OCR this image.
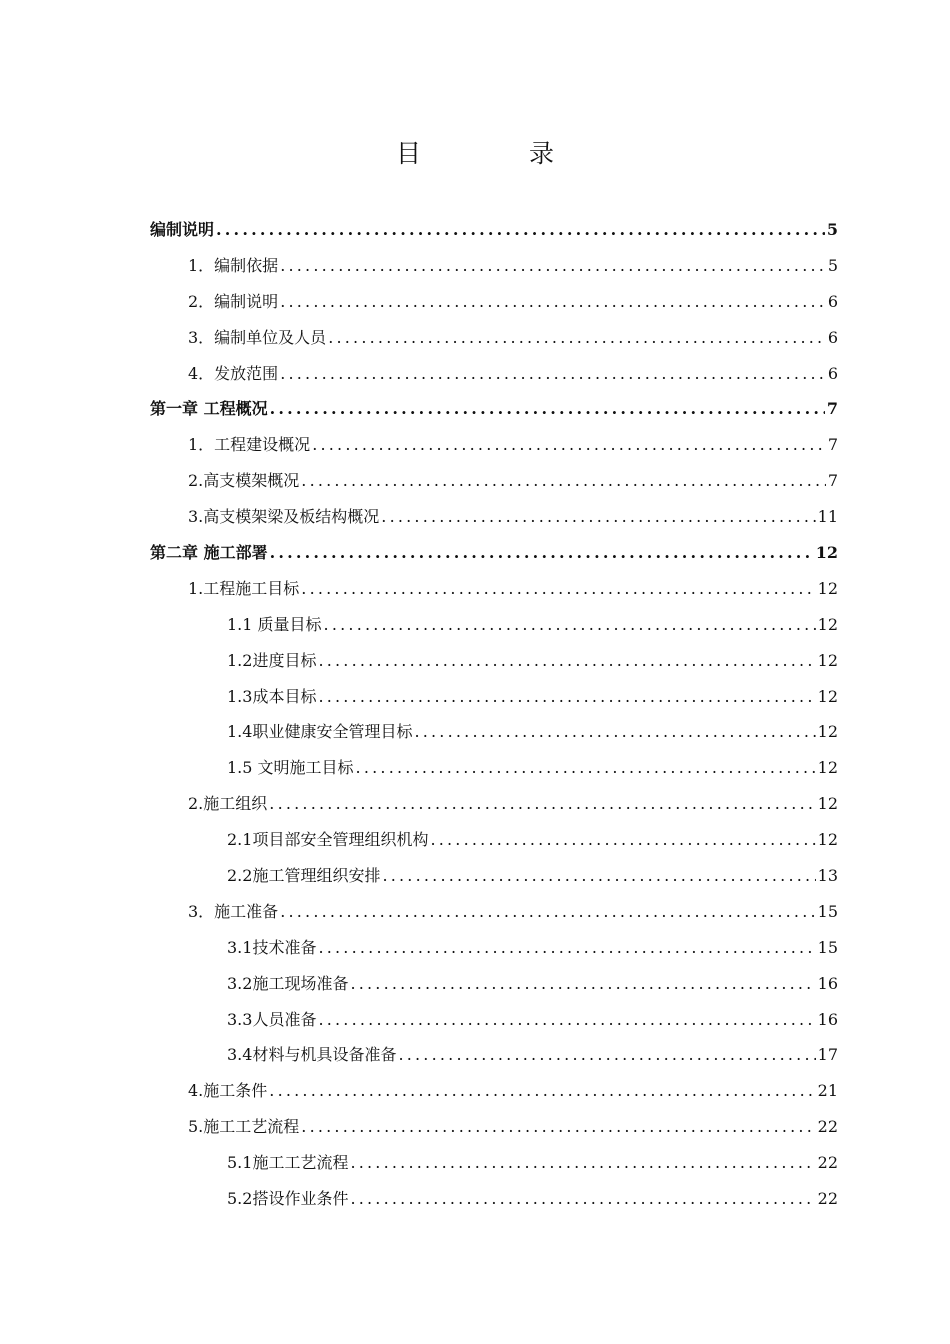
目 录
编制说明 .....	5
1．编制依据 .....	5
2．编制说明 .....	6
3．编制单位及人员 .....	6
4．发放范围 .....	6
第一章 工程概况 .....	7
1．工程建设概况 .....	7
2.高支模架概况 .....	7
3.高支模架梁及板结构概况 .....	11
第二章 施工部署 .....	12
1.工程施工目标 .....	12
1.1 质量目标 .....	12
1.2进度目标 .....	12
1.3成本目标 .....	12
1.4职业健康安全管理目标 .....	12
1.5 文明施工目标 .....	12
2.施工组织 .....	12
2.1项目部安全管理组织机构 .....	12
2.2施工管理组织安排 .....	13
3．施工准备 .....	15
3.1技术准备 .....	15
3.2施工现场准备 .....	16
3.3人员准备 .....	16
3.4材料与机具设备准备 .....	17
4.施工条件 .....	21
5.施工工艺流程 .....	22
5.1施工工艺流程 .....	22
5.2搭设作业条件 .....	22
